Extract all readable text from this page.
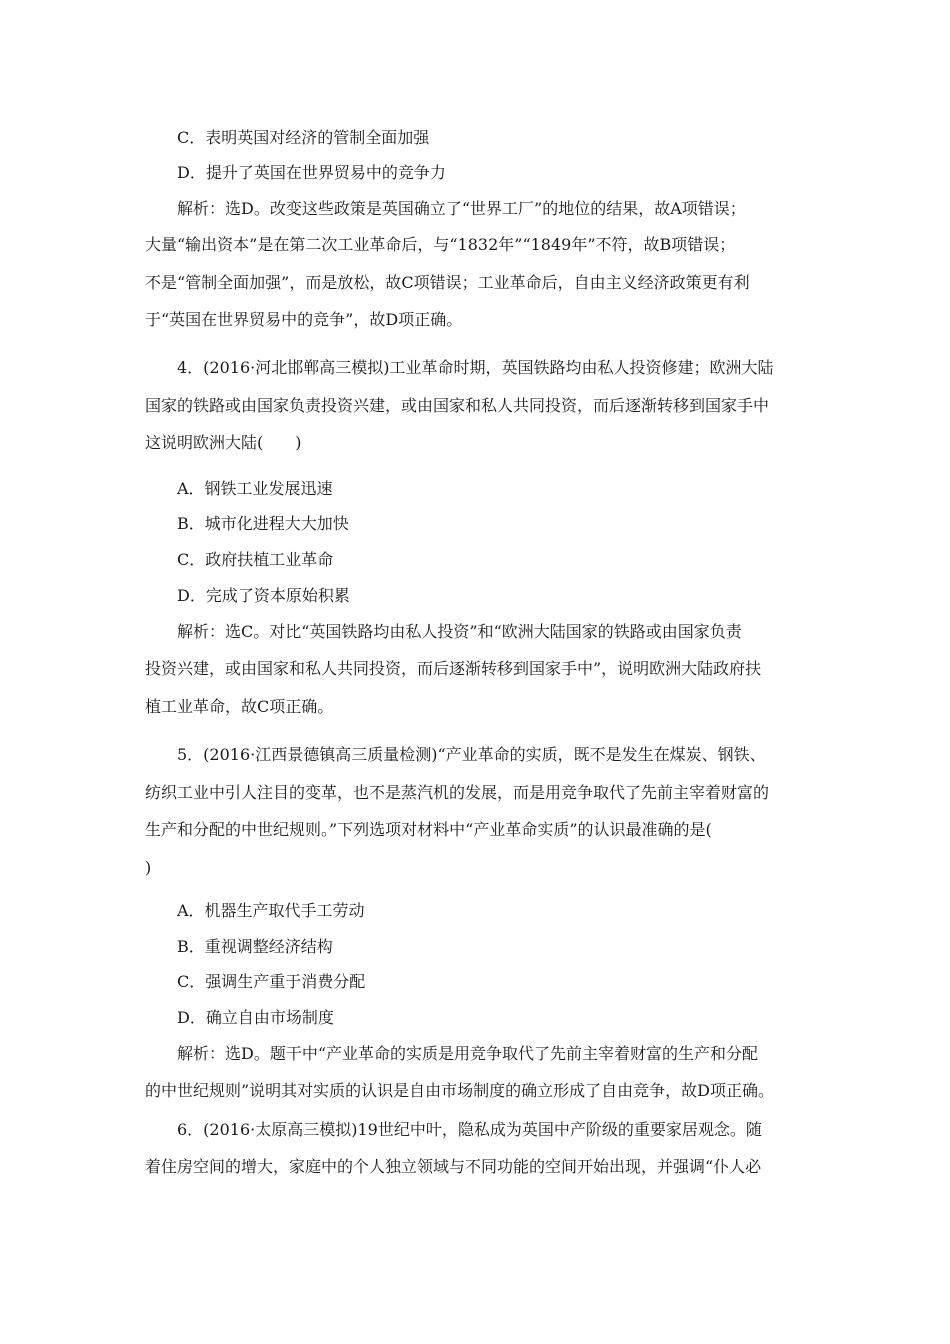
C．表明英国对经济的管制全面加强
D．提升了英国在世界贸易中的竞争力
解析：选D。改变这些政策是英国确立了“世界工厂”的地位的结果，故A项错误；
大量“输出资本”是在第二次工业革命后，与“1832年”“1849年”不符，故B项错误；
不是“管制全面加强”，而是放松，故C项错误；工业革命后，自由主义经济政策更有利
于“英国在世界贸易中的竞争”，故D项正确。
4．(2016·河北邯郸高三模拟)工业革命时期，英国铁路均由私人投资修建；欧洲大陆
国家的铁路或由国家负责投资兴建，或由国家和私人共同投资，而后逐渐转移到国家手中
这说明欧洲大陆(　　)
A．钢铁工业发展迅速
B．城市化进程大大加快
C．政府扶植工业革命
D．完成了资本原始积累
解析：选C。对比“英国铁路均由私人投资”和“欧洲大陆国家的铁路或由国家负责
投资兴建，或由国家和私人共同投资，而后逐渐转移到国家手中”，说明欧洲大陆政府扶
植工业革命，故C项正确。
5．(2016·江西景德镇高三质量检测)“产业革命的实质，既不是发生在煤炭、钢铁、
纺织工业中引人注目的变革，也不是蒸汽机的发展，而是用竞争取代了先前主宰着财富的
生产和分配的中世纪规则。”下列选项对材料中“产业革命实质”的认识最准确的是(
)
A．机器生产取代手工劳动
B．重视调整经济结构
C．强调生产重于消费分配
D．确立自由市场制度
解析：选D。题干中“产业革命的实质是用竞争取代了先前主宰着财富的生产和分配
的中世纪规则”说明其对实质的认识是自由市场制度的确立形成了自由竞争，故D项正确。
6．(2016·太原高三模拟)19世纪中叶，隐私成为英国中产阶级的重要家居观念。随
着住房空间的增大，家庭中的个人独立领域与不同功能的空间开始出现，并强调“仆人必
